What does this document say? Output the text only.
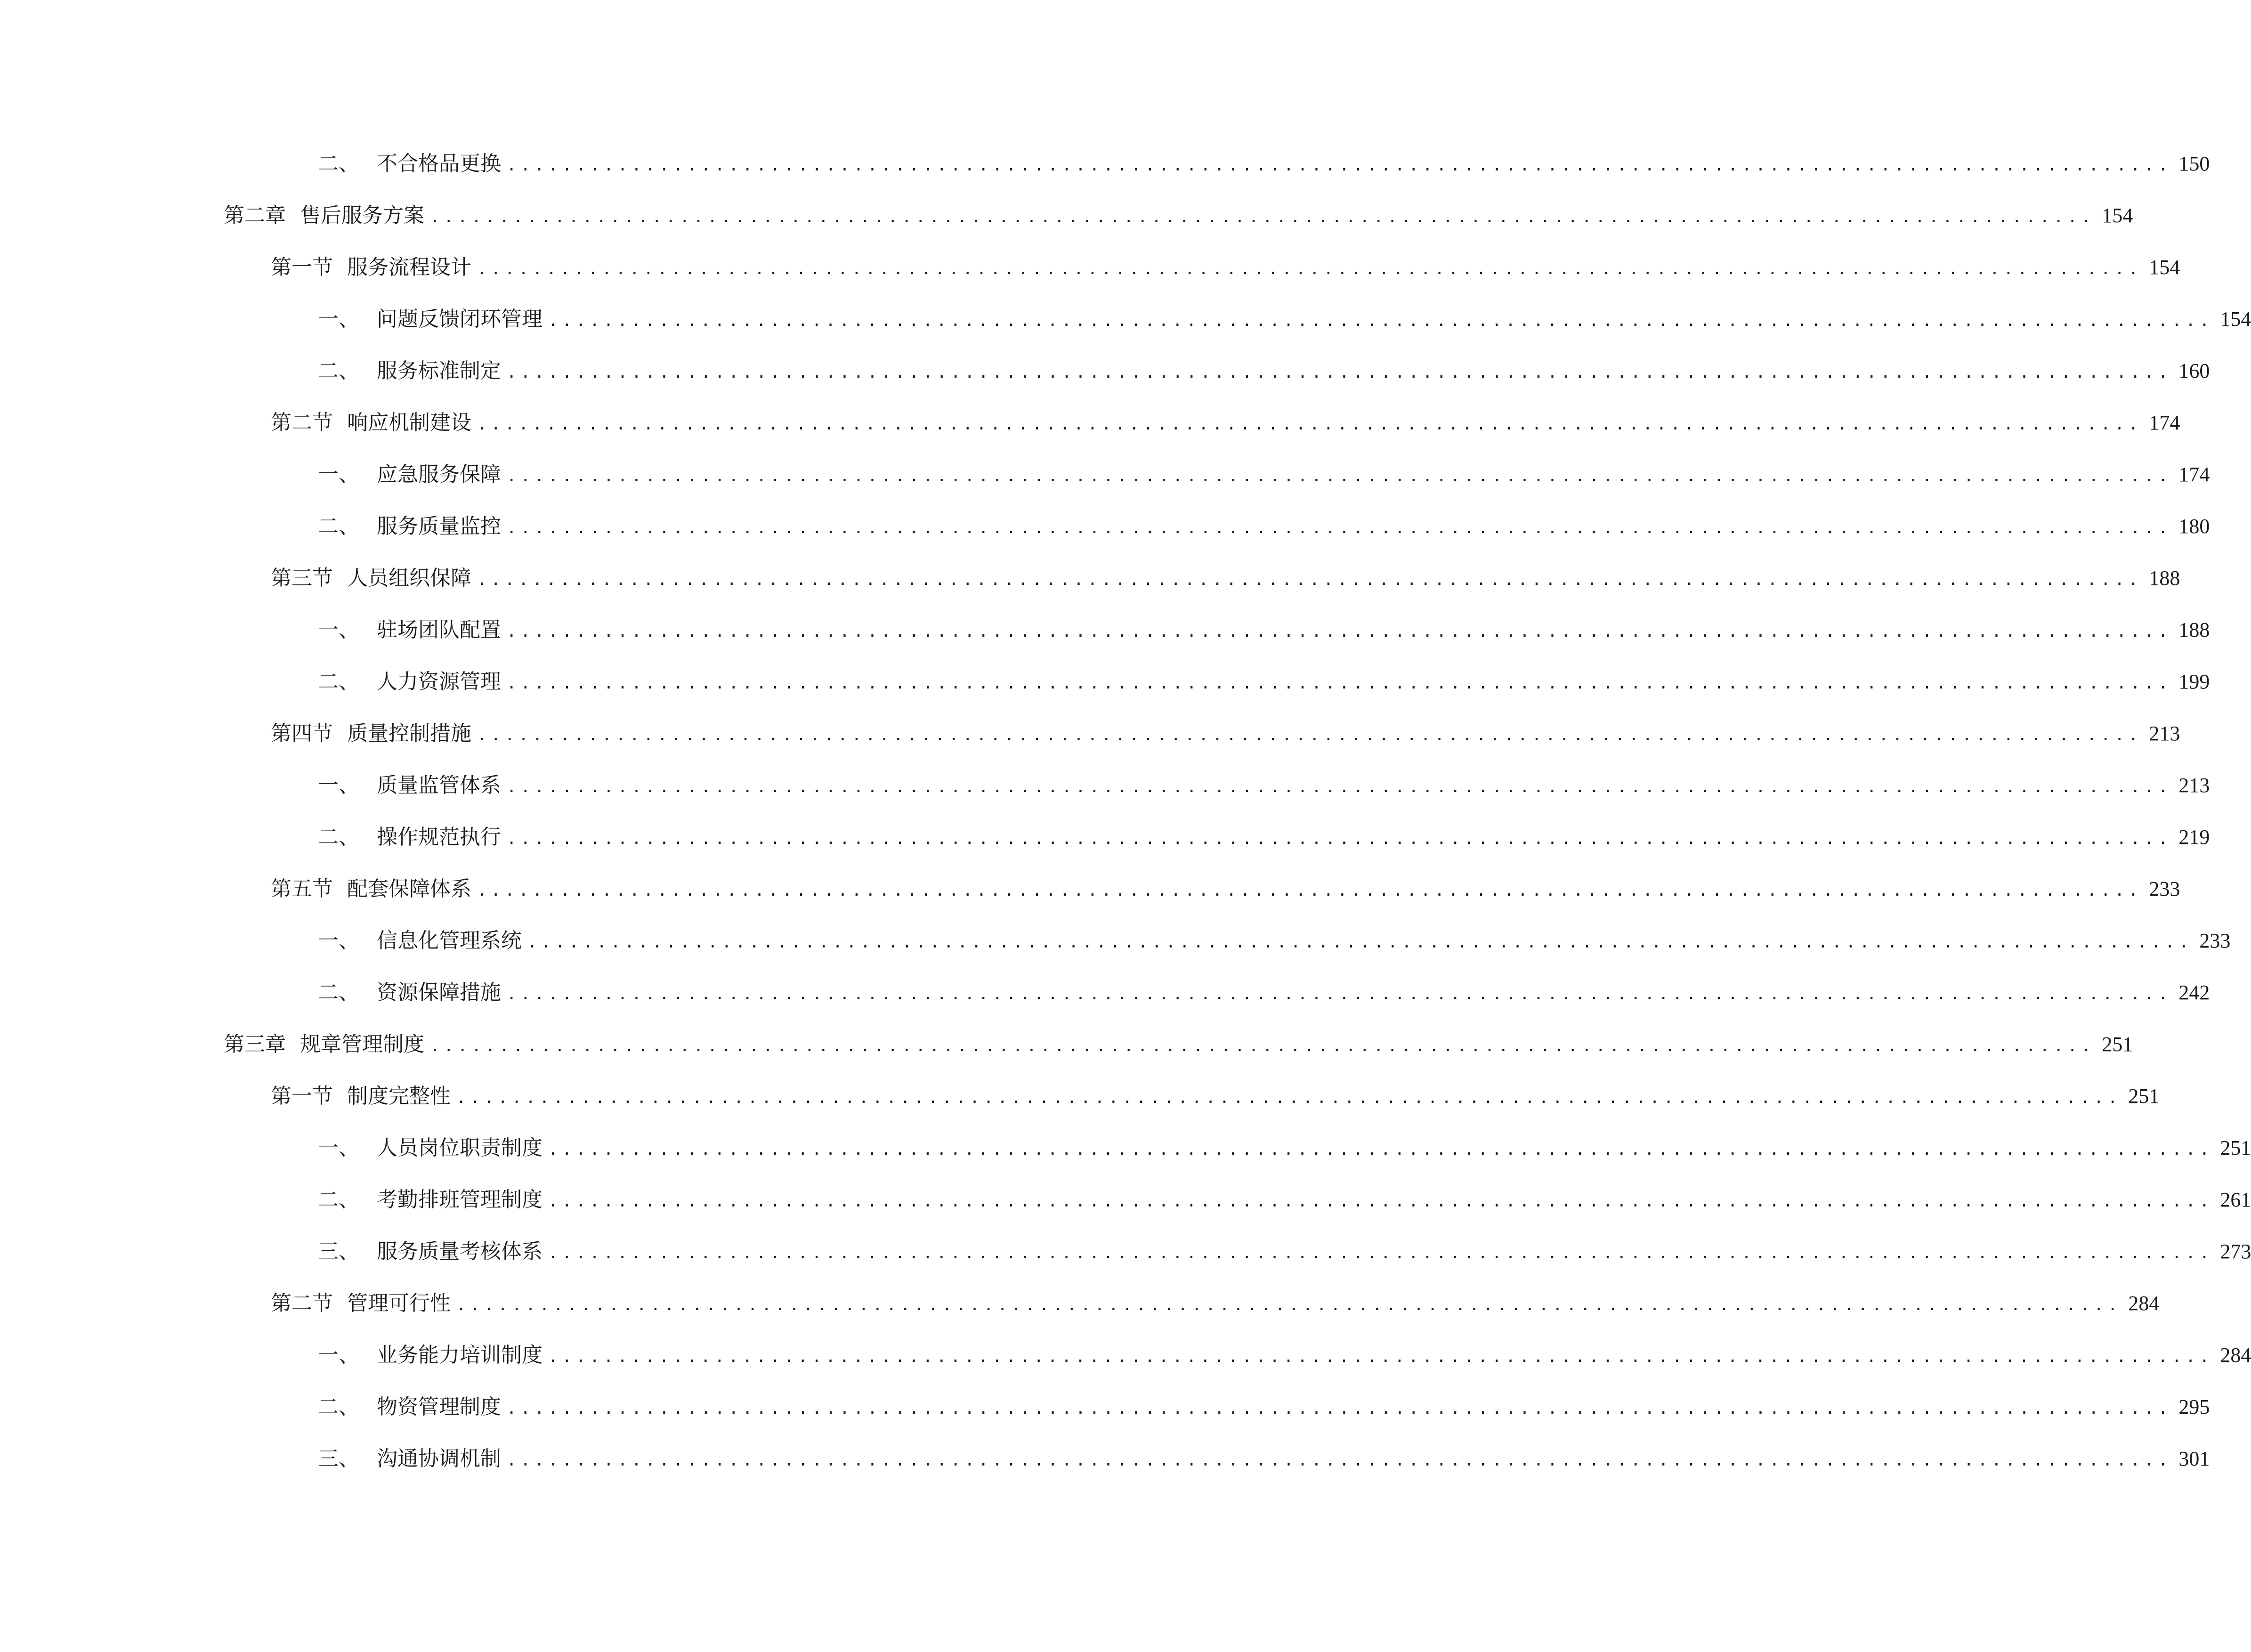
二、 不合格品更换 ........................................................................................................................ 150
第二章 售后服务方案 ........................................................................................................................ 154
第一节 服务流程设计 ........................................................................................................................ 154
一、 问题反馈闭环管理 ........................................................................................................................ 154
二、 服务标准制定 ........................................................................................................................ 160
第二节 响应机制建设 ........................................................................................................................ 174
一、 应急服务保障 ........................................................................................................................ 174
二、 服务质量监控 ........................................................................................................................ 180
第三节 人员组织保障 ........................................................................................................................ 188
一、 驻场团队配置 ........................................................................................................................ 188
二、 人力资源管理 ........................................................................................................................ 199
第四节 质量控制措施 ........................................................................................................................ 213
一、 质量监管体系 ........................................................................................................................ 213
二、 操作规范执行 ........................................................................................................................ 219
第五节 配套保障体系 ........................................................................................................................ 233
一、 信息化管理系统 ........................................................................................................................ 233
二、 资源保障措施 ........................................................................................................................ 242
第三章 规章管理制度 ........................................................................................................................ 251
第一节 制度完整性 ........................................................................................................................ 251
一、 人员岗位职责制度 ........................................................................................................................ 251
二、 考勤排班管理制度 ........................................................................................................................ 261
三、 服务质量考核体系 ........................................................................................................................ 273
第二节 管理可行性 ........................................................................................................................ 284
一、 业务能力培训制度 ........................................................................................................................ 284
二、 物资管理制度 ........................................................................................................................ 295
三、 沟通协调机制 ........................................................................................................................ 301
